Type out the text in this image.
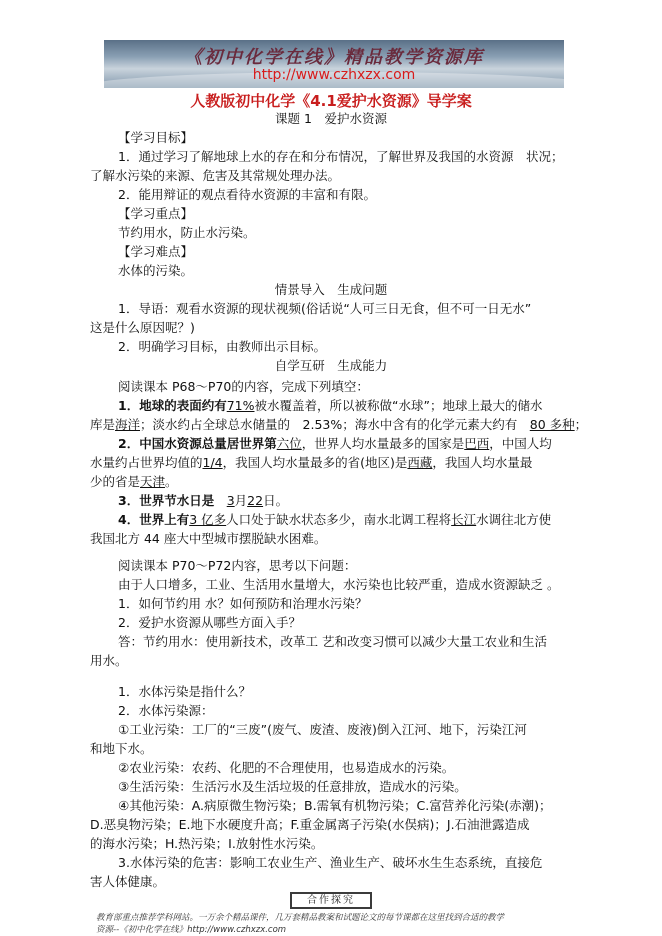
《初中化学在线》精品教学资源库
http://www.czhxzx.com
人教版初中化学《4.1爱护水资源》导学案
课题 1　爱护水资源
【学习目标】
1．通过学习了解地球上水的存在和分布情况，了解世界及我国的水资源　状况；
了解水污染的来源、危害及其常规处理办法。
2．能用辩证的观点看待水资源的丰富和有限。
【学习重点】
节约用水，防止水污染。
【学习难点】
水体的污染。
情景导入　生成问题
1．导语：观看水资源的现状视频(俗话说“人可三日无食，但不可一日无水”
这是什么原因呢？)
2．明确学习目标，由教师出示目标。
自学互研　生成能力
阅读课本 P68～P70的内容，完成下列填空：
1．地球的表面约有71%被水覆盖着，所以被称做“水球”；地球上最大的储水
库是海洋；淡水约占全球总水储量的　2.53%；海水中含有的化学元素大约有　80 多种；
2．中国水资源总量居世界第六位，世界人均水量最多的国家是巴西，中国人均
水量约占世界均值的1/4，我国人均水量最多的省(地区)是西藏，我国人均水量最
少的省是天津。
3．世界节水日是　3月22日。
4．世界上有3 亿多人口处于缺水状态多少，南水北调工程将长江水调往北方使
我国北方 44 座大中型城市摆脱缺水困难。
阅读课本 P70～P72内容，思考以下问题：
由于人口增多，工业、生活用水量增大，水污染也比较严重，造成水资源缺乏 。
1．如何节约用 水？如何预防和治理水污染？
2．爱护水资源从哪些方面入手？
答：节约用水：使用新技术，改革工 艺和改变习惯可以减少大量工农业和生活
用水。
1．水体污染是指什么？
2．水体污染源：
①工业污染：工厂的“三废”(废气、废渣、废液)倒入江河、地下，污染江河
和地下水。
②农业污染：农药、化肥的不合理使用，也易造成水的污染。
③生活污染：生活污水及生活垃圾的任意排放，造成水的污染。
④其他污染：A.病原微生物污染；B.需氧有机物污染；C.富营养化污染(赤潮)；
D.恶臭物污染；E.地下水硬度升高；F.重金属离子污染(水俣病)；J.石油泄露造成
的海水污染；H.热污染；I.放射性水污染。
3.水体污染的危害：影响工农业生产、渔业生产、破坏水生生态系统，直接危
害人体健康。
合作探究
教育部重点推荐学科网站。一万余个精品课件，几万套精品教案和试题论文的每节课都在这里找到合适的教学
资源--《初中化学在线》http://www.czhxzx.com
